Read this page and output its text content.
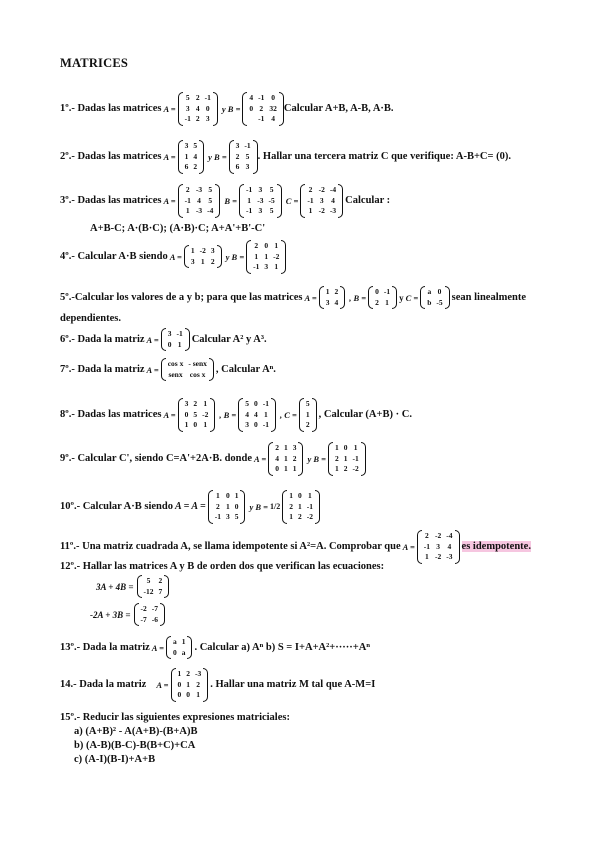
MATRICES
1º.- Dadas las matrices A =
5 2 -1
3 4 0
-1 2 3
y B =
4 -1 0
0 2 32
-1 4
Calcular A+B, A-B, A·B.
2º.- Dadas las matrices A =
3 5
1 4
6 2
y B =
3 -1
2 5
6 3
. Hallar una tercera matriz C que verifique: A-B+C= (0).
3º.- Dadas las matrices A =
2 -3 5
-1 4 5
1 -3 -4
B =
-1 3 5
1 -3 -5
-1 3 5
C =
2 -2 -4
-1 3 4
1 -2 -3
Calcular :
A+B-C; A·(B·C); (A·B)·C; A+A'+B'-C'
4º.- Calcular A·B siendo A =
1 -2 3
3 1 2 y B =
2 0 1
1 1 -2
-1 3 1
5º.-Calcular los valores de a y b; para que las matrices A =
1 2
3 4 , B =
0 -1
2 1 y C =
a 0
b -5 sean linealmente
dependientes.
6º.- Dada la matriz A =
3 -1
0 1 Calcular A² y A³.
7º.- Dada la matriz A =
cos x - senx
senx cos x , Calcular Aⁿ.
8º.- Dadas las matrices A =
3 2 1
0 5 -2
1 0 1
, B =
5 0 -1
4 4 1
3 0 -1
, C =
5
1
2
, Calcular (A+B) · C.
9º.- Calcular C', siendo C=A'+2A·B. donde A =
2 1 3
4 1 2
0 1 1
y B =
1 0 1
2 1 -1
1 2 -2
10º.- Calcular A·B siendo A = A =
1 0 1
2 1 0
-1 3 5
y B = 1/2
1 0 1
2 1 -1
1 2 -2
11º.- Una matriz cuadrada A, se llama idempotente si A²=A. Comprobar que A =
2 -2 -4
-1 3 4
1 -2 -3
es idempotente.
12º.- Hallar las matrices A y B de orden dos que verifican las ecuaciones:
3A + 4B =
5	2
-12 7
-2A + 3B =
-2 -7
-7 -6
13º.- Dada la matriz A =
a 1
0 a . Calcular a) Aⁿ b) S = I+A+A²+·····+Aⁿ
14.- Dada la matriz A =
1 2 -3
0 1 2
0 0 1
. Hallar una matriz M tal que A-M=I
15º.- Reducir las siguientes expresiones matriciales:
a) (A+B)² - A(A+B)-(B+A)B
b) (A-B)(B-C)-B(B+C)+CA
c) (A-I)(B-I)+A+B
